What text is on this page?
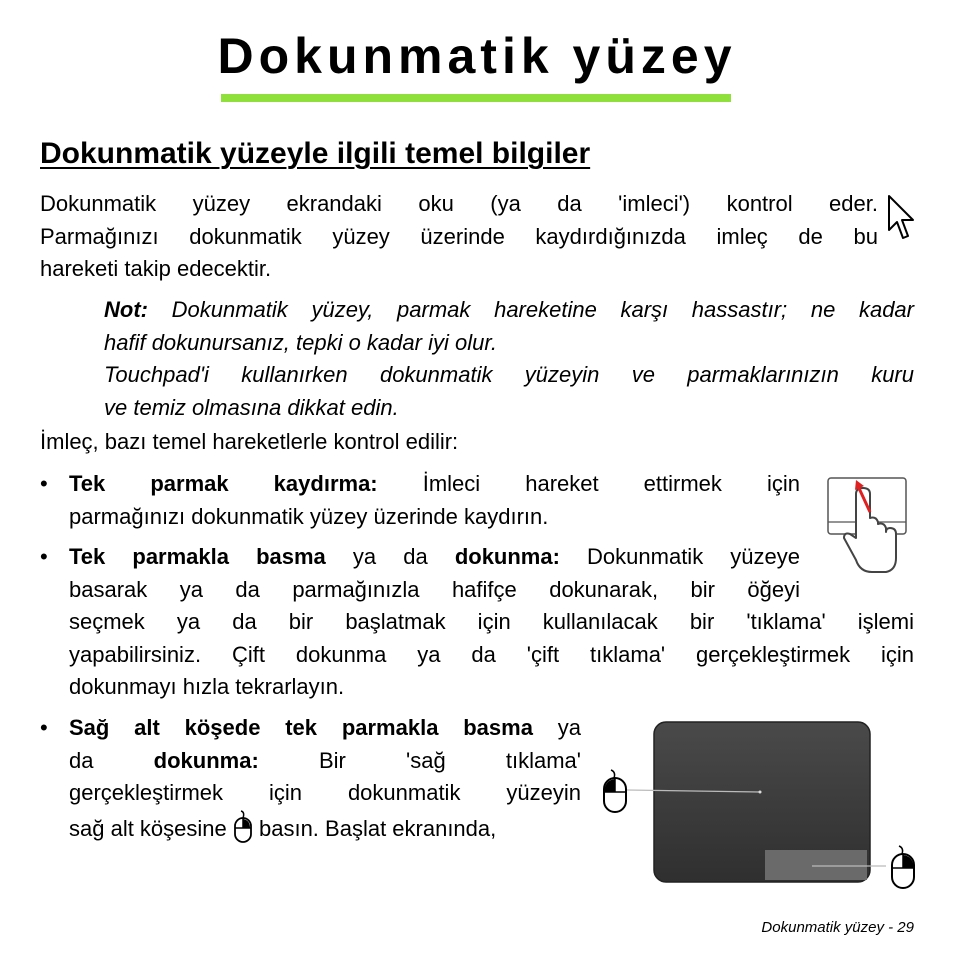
Dokunmatik yüzey
Dokunmatik yüzeyle ilgili temel bilgiler
Dokunmatik yüzey ekrandaki oku (ya da 'imleci') kontrol eder.
Parmağınızı dokunmatik yüzey üzerinde kaydırdığınızda imleç de bu
hareketi takip edecektir.
Not: Dokunmatik yüzey, parmak hareketine karşı hassastır; ne kadar
hafif dokunursanız, tepki o kadar iyi olur.
Touchpad'i kullanırken dokunmatik yüzeyin ve parmaklarınızın kuru
ve temiz olmasına dikkat edin.
İmleç, bazı temel hareketlerle kontrol edilir:
• Tek parmak kaydırma: İmleci hareket ettirmek için
parmağınızı dokunmatik yüzey üzerinde kaydırın.
• Tek parmakla basma ya da dokunma: Dokunmatik yüzeye
basarak ya da parmağınızla hafifçe dokunarak, bir öğeyi
seçmek ya da bir başlatmak için kullanılacak bir 'tıklama' işlemi
yapabilirsiniz. Çift dokunma ya da 'çift tıklama' gerçekleştirmek için
dokunmayı hızla tekrarlayın.
• Sağ alt köşede tek parmakla basma ya
da dokunma: Bir 'sağ tıklama'
gerçekleştirmek için dokunmatik yüzeyin
sağ alt köşesine  basın. Başlat ekranında,
Dokunmatik yüzey - 29
